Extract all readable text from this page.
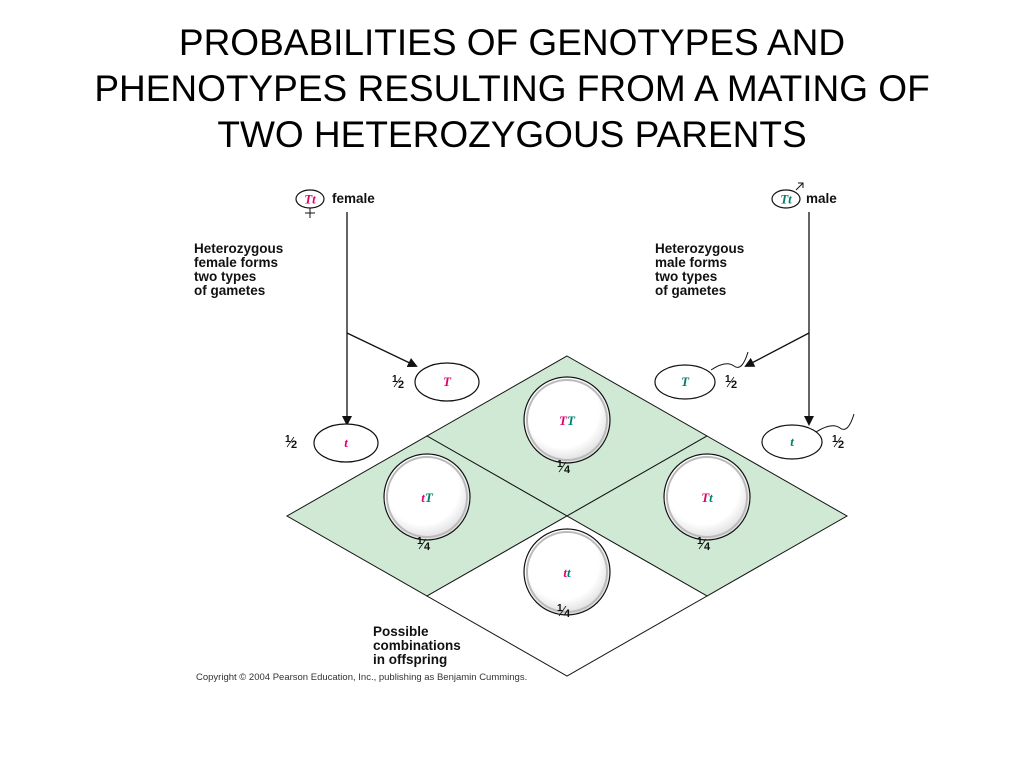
PROBABILITIES OF GENOTYPES AND
PHENOTYPES RESULTING FROM A MATING OF
TWO HETEROZYGOUS PARENTS
Tt female
Heterozygous female forms two types of gametes
T
1 2
t
1 2
Tt male
Heterozygous male forms two types of gametes
T	1 2
t	1 2
TT
1 4
tT
1 4
Tt
1 4
tt
1 4
Possible combinations in offspring
Copyright © 2004 Pearson Education, Inc., publishing as Benjamin Cummings.
